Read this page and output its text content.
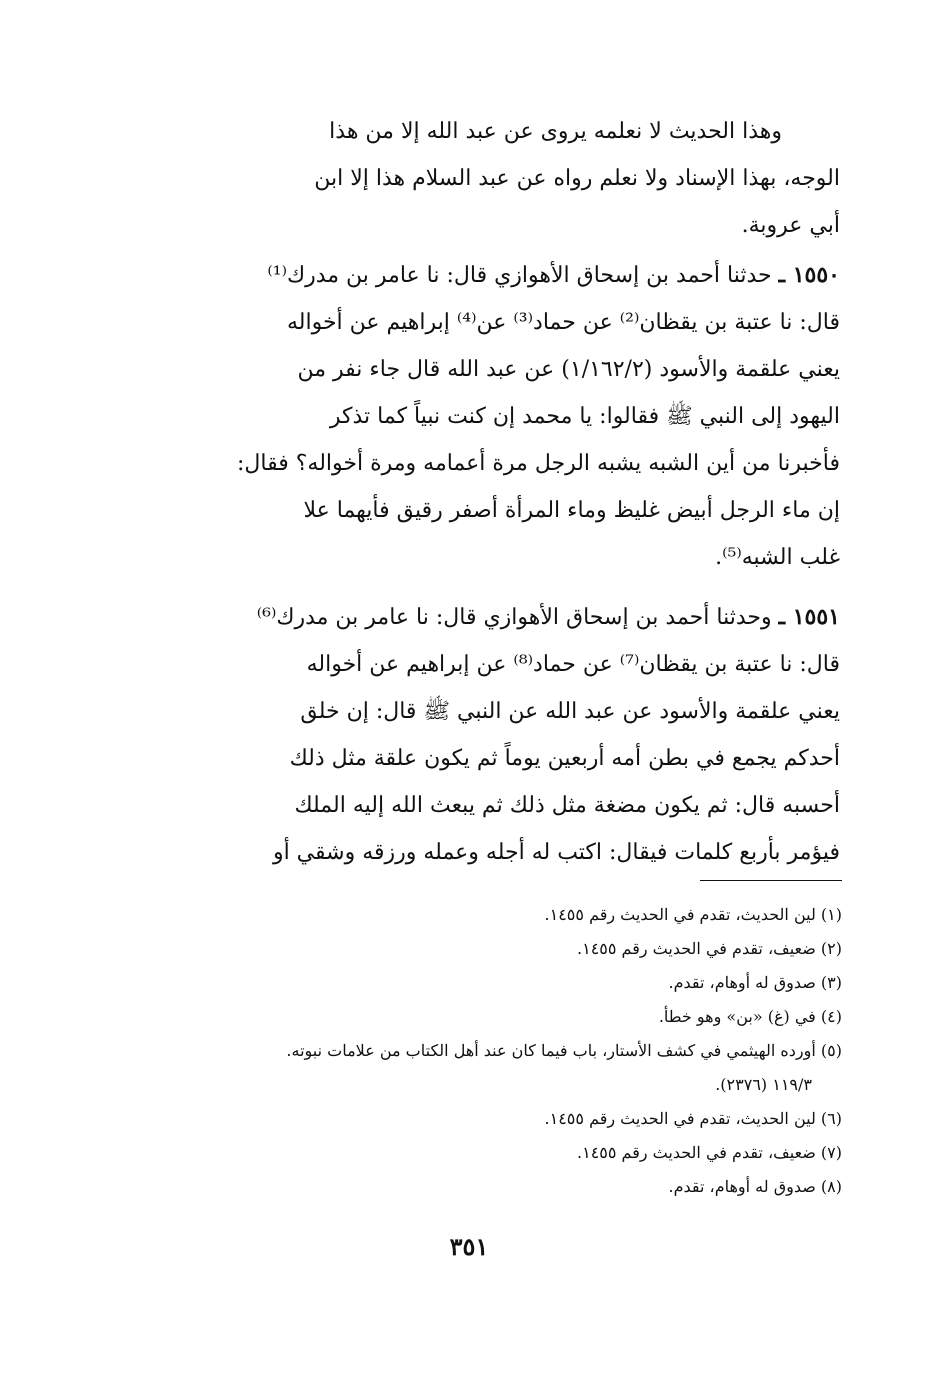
وهذا الحديث لا نعلمه يروى عن عبد الله إلا من هذا
الوجه، بهذا الإسناد ولا نعلم رواه عن عبد السلام هذا إلا ابن
أبي عروبة.
١٥٥٠ ـ حدثنا أحمد بن إسحاق الأهوازي قال: نا عامر بن مدرك⁽¹⁾
قال: نا عتبة بن يقظان⁽²⁾ عن حماد⁽³⁾ عن⁽⁴⁾ إبراهيم عن أخواله
يعني علقمة والأسود (١/١٦٢/٢) عن عبد الله قال جاء نفر من
اليهود إلى النبي ﷺ فقالوا: يا محمد إن كنت نبياً كما تذكر
فأخبرنا من أين الشبه يشبه الرجل مرة أعمامه ومرة أخواله؟ فقال:
إن ماء الرجل أبيض غليظ وماء المرأة أصفر رقيق فأيهما علا
غلب الشبه⁽⁵⁾.
١٥٥١ ـ وحدثنا أحمد بن إسحاق الأهوازي قال: نا عامر بن مدرك⁽⁶⁾
قال: نا عتبة بن يقظان⁽⁷⁾ عن حماد⁽⁸⁾ عن إبراهيم عن أخواله
يعني علقمة والأسود عن عبد الله عن النبي ﷺ قال: إن خلق
أحدكم يجمع في بطن أمه أربعين يوماً ثم يكون علقة مثل ذلك
أحسبه قال: ثم يكون مضغة مثل ذلك ثم يبعث الله إليه الملك
فيؤمر بأربع كلمات فيقال: اكتب له أجله وعمله ورزقه وشقي أو
(١) لين الحديث، تقدم في الحديث رقم ١٤٥٥.
(٢) ضعيف، تقدم في الحديث رقم ١٤٥٥.
(٣) صدوق له أوهام، تقدم.
(٤) في (غ) «بن» وهو خطأ.
(٥) أورده الهيثمي في كشف الأستار، باب فيما كان عند أهل الكتاب من علامات نبوته.
١١٩/٣ (٢٣٧٦).
(٦) لين الحديث، تقدم في الحديث رقم ١٤٥٥.
(٧) ضعيف، تقدم في الحديث رقم ١٤٥٥.
(٨) صدوق له أوهام، تقدم.
٣٥١
